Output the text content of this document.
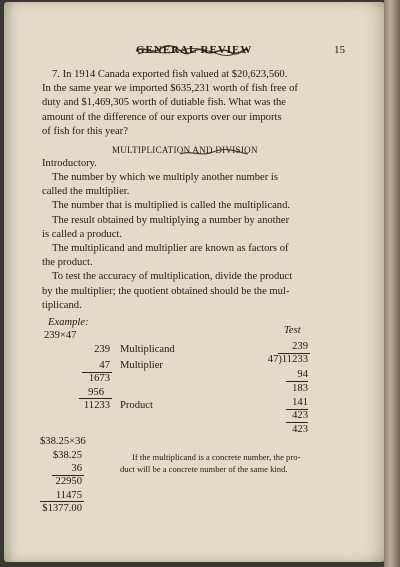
GENERAL REVIEW	15
7. In 1914 Canada exported fish valued at $20,623,560.
In the same year we imported $635,231 worth of fish free of
duty and $1,469,305 worth of dutiable fish. What was the
amount of the difference of our exports over our imports
of fish for this year?
MULTIPLICATION AND DIVISION
Introductory.
The number by which we multiply another number is
called the multiplier.
The number that is multiplied is called the multiplicand.
The result obtained by multiplying a number by another
is called a product.
The multiplicand and multiplier are known as factors of
the product.
To test the accuracy of multiplication, divide the product
by the multiplier; the quotient obtained should be the mul-
tiplicand.
Example:
239×47
239 Multiplicand
47 Multiplier
1673
956
11233 Product
Test
239
47)11233
94
183
141
423
423
$38.25×36
$38.25
36
22950
11475
$1377.00
If the multiplicand is a concrete number, the pro-
duct will be a concrete number of the same kind.
